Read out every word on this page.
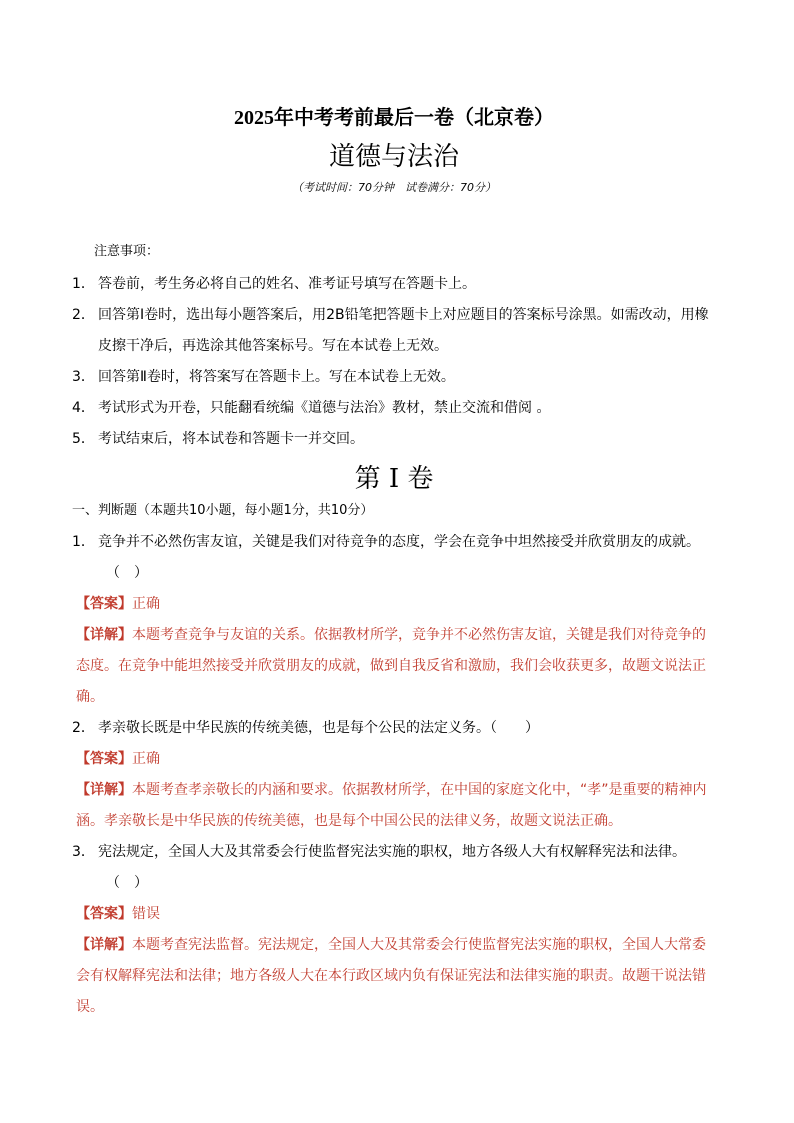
2025年中考考前最后一卷（北京卷）
道德与法治
（考试时间：70分钟　试卷满分：70分）
注意事项：
1． 答卷前，考生务必将自己的姓名、准考证号填写在答题卡上。
2． 回答第Ⅰ卷时，选出每小题答案后，用2B铅笔把答题卡上对应题目的答案标号涂黑。如需改动，用橡皮擦干净后，再选涂其他答案标号。写在本试卷上无效。
3． 回答第Ⅱ卷时，将答案写在答题卡上。写在本试卷上无效。
4． 考试形式为开卷，只能翻看统编《道德与法治》教材，禁止交流和借阅 。
5． 考试结束后，将本试卷和答题卡一并交回。
第 I 卷
一、判断题（本题共10小题，每小题1分，共10分）
1． 竞争并不必然伤害友谊，关键是我们对待竞争的态度，学会在竞争中坦然接受并欣赏朋友的成就。
（　）
【答案】正确
【详解】本题考查竞争与友谊的关系。依据教材所学，竞争并不必然伤害友谊，关键是我们对待竞争的态度。在竞争中能坦然接受并欣赏朋友的成就，做到自我反省和激励，我们会收获更多，故题文说法正确。
2． 孝亲敬长既是中华民族的传统美德，也是每个公民的法定义务。（　　）
【答案】正确
【详解】本题考查孝亲敬长的内涵和要求。依据教材所学，在中国的家庭文化中，“孝”是重要的精神内涵。孝亲敬长是中华民族的传统美德，也是每个中国公民的法律义务，故题文说法正确。
3． 宪法规定，全国人大及其常委会行使监督宪法实施的职权，地方各级人大有权解释宪法和法律。
（　）
【答案】错误
【详解】本题考查宪法监督。宪法规定，全国人大及其常委会行使监督宪法实施的职权，全国人大常委会有权解释宪法和法律；地方各级人大在本行政区域内负有保证宪法和法律实施的职责。故题干说法错误。
